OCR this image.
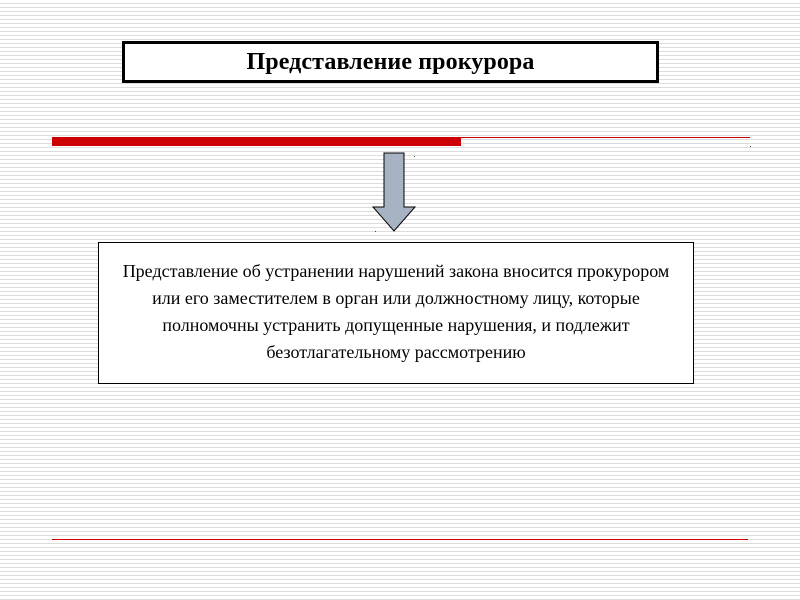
Представление прокурора
Представление об устранении нарушений закона вносится прокурором или его заместителем в орган или должностному лицу, которые полномочны устранить допущенные нарушения, и подлежит безотлагательному рассмотрению
